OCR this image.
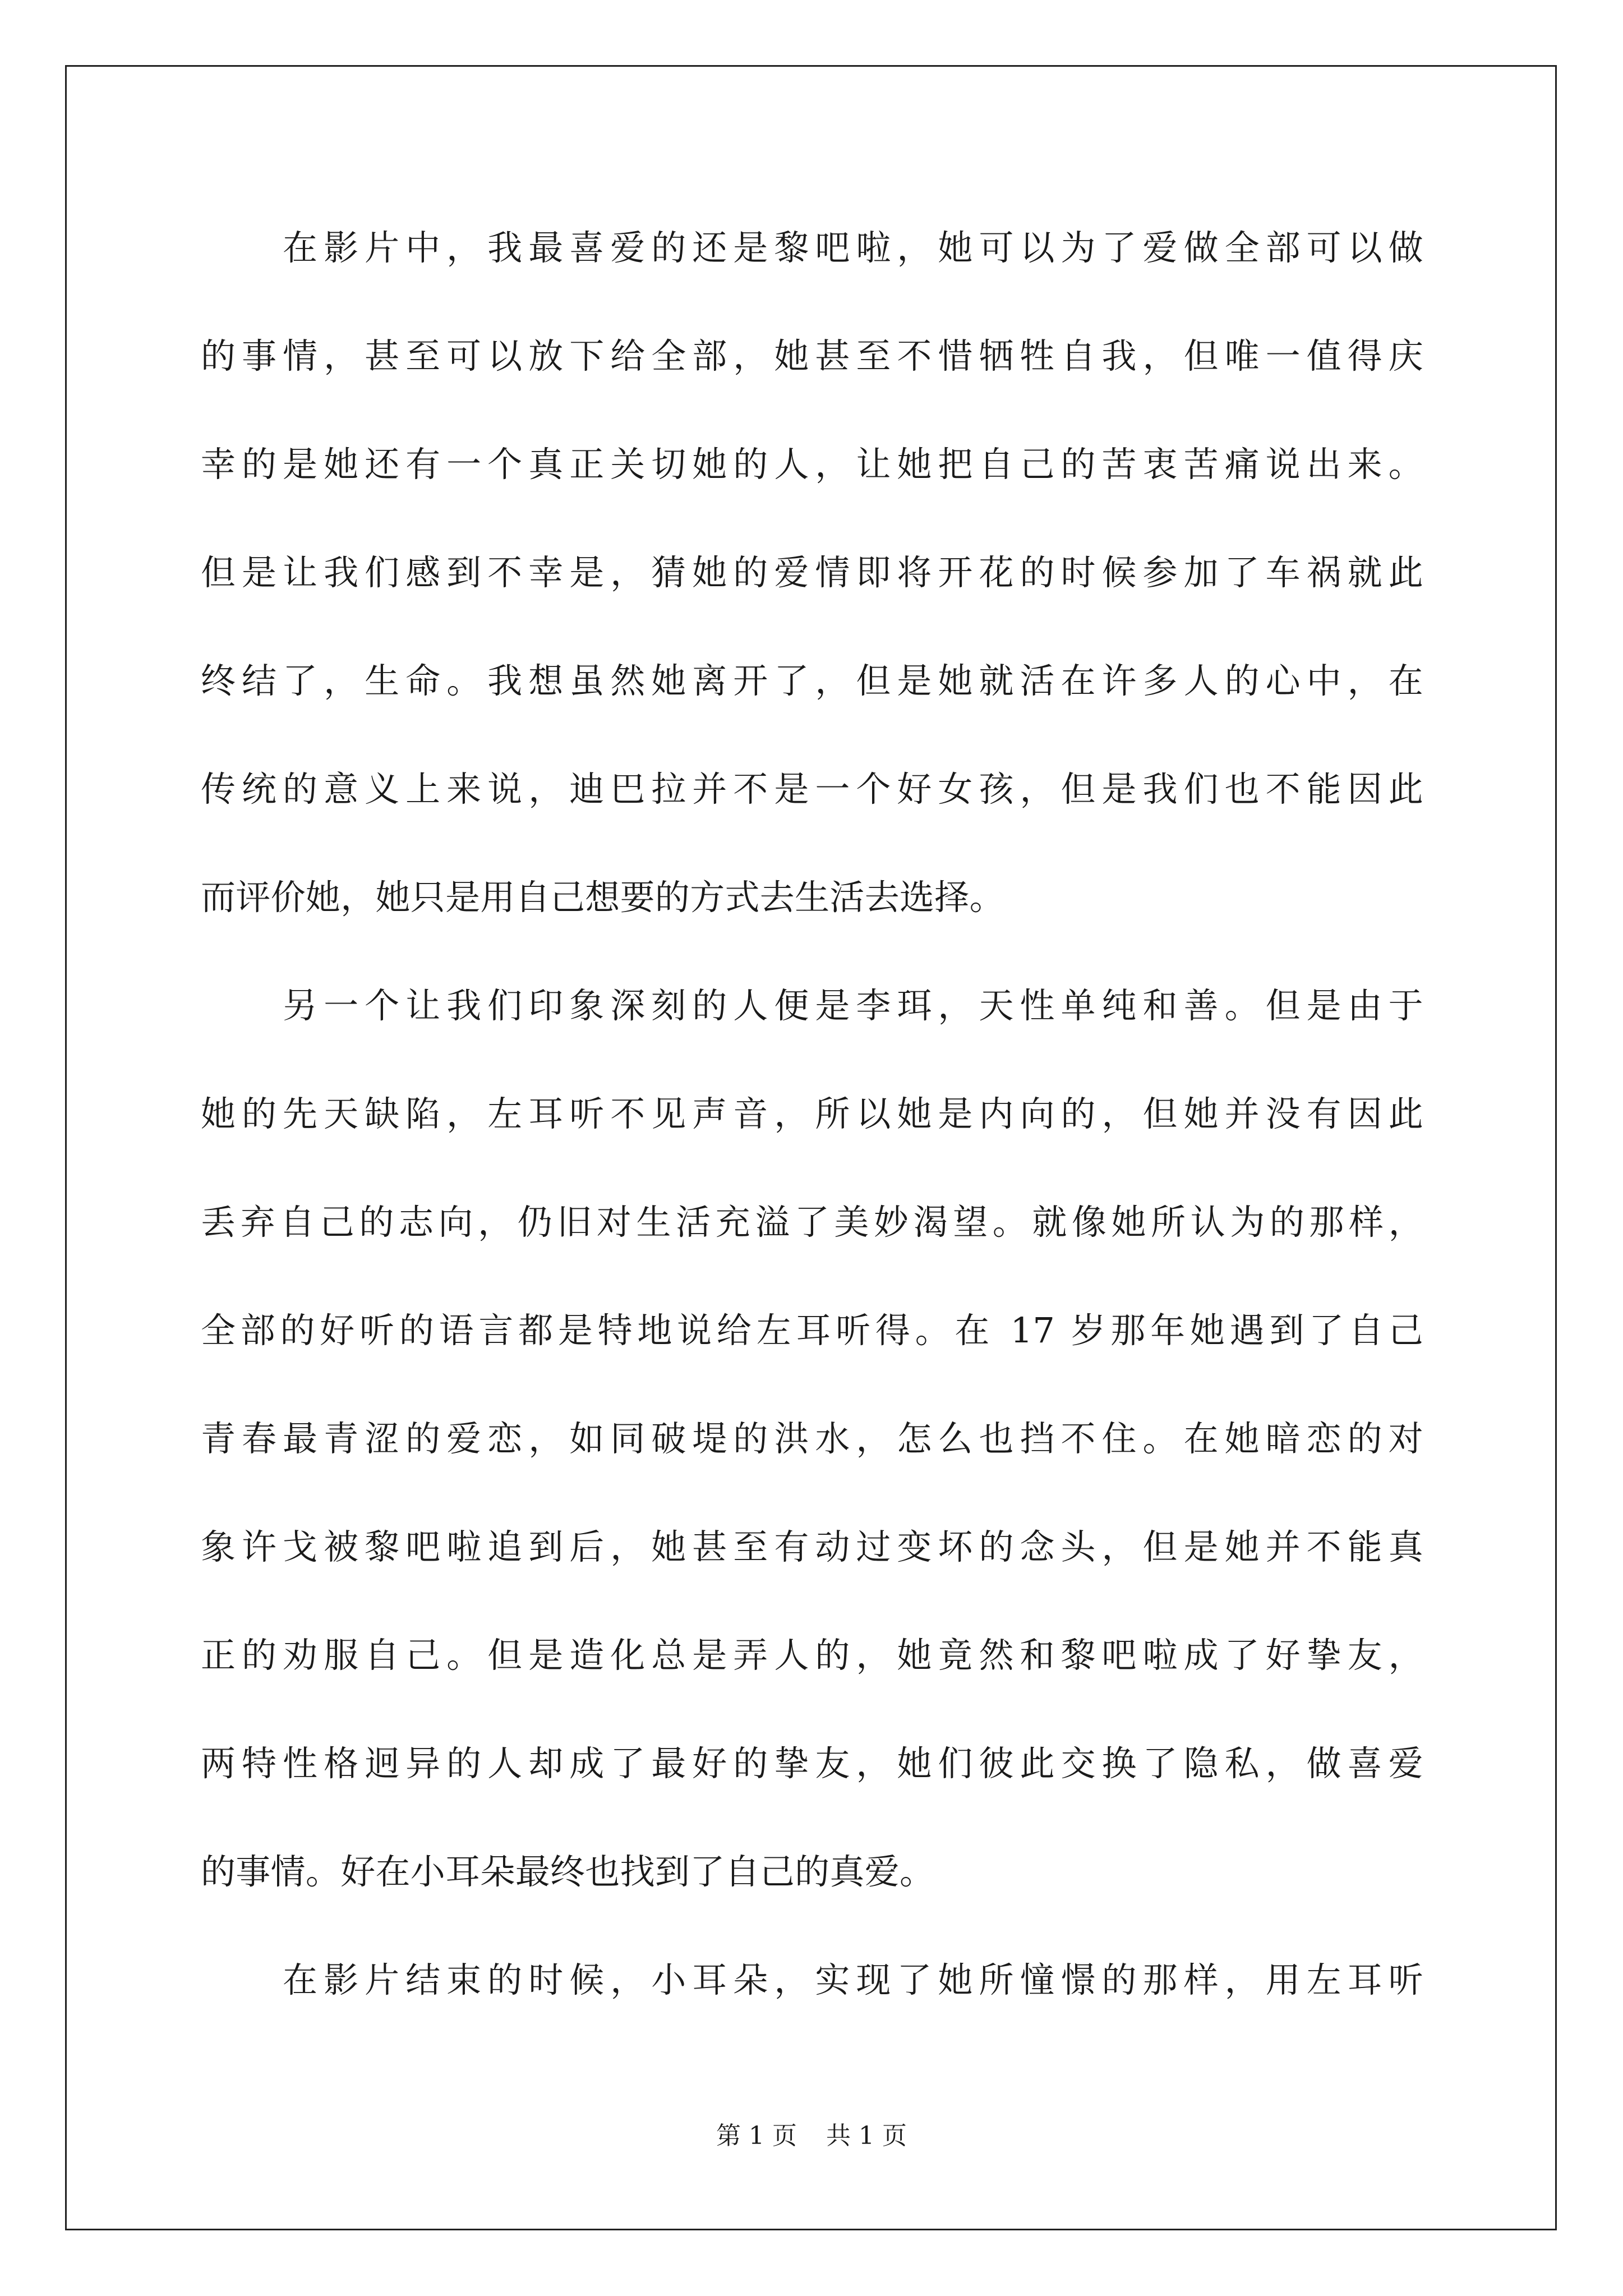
　　在影片中，我最喜爱的还是黎吧啦，她可以为了爱做全部可以做
的事情，甚至可以放下给全部，她甚至不惜牺牲自我，但唯一值得庆
幸的是她还有一个真正关切她的人，让她把自己的苦衷苦痛说出来。
但是让我们感到不幸是，猜她的爱情即将开花的时候参加了车祸就此
终结了，生命。我想虽然她离开了，但是她就活在许多人的心中，在
传统的意义上来说，迪巴拉并不是一个好女孩，但是我们也不能因此
而评价她，她只是用自己想要的方式去生活去选择。
　　另一个让我们印象深刻的人便是李珥，天性单纯和善。但是由于
她的先天缺陷，左耳听不见声音，所以她是内向的，但她并没有因此
丢弃自己的志向，仍旧对生活充溢了美妙渴望。就像她所认为的那样，
全部的好听的语言都是特地说给左耳听得。在 17 岁那年她遇到了自己
青春最青涩的爱恋，如同破堤的洪水，怎么也挡不住。在她暗恋的对
象许戈被黎吧啦追到后，她甚至有动过变坏的念头，但是她并不能真
正的劝服自己。但是造化总是弄人的，她竟然和黎吧啦成了好挚友，
两特性格迥异的人却成了最好的挚友，她们彼此交换了隐私，做喜爱
的事情。好在小耳朵最终也找到了自己的真爱。
　　在影片结束的时候，小耳朵，实现了她所憧憬的那样，用左耳听
第 1 页 共 1 页
